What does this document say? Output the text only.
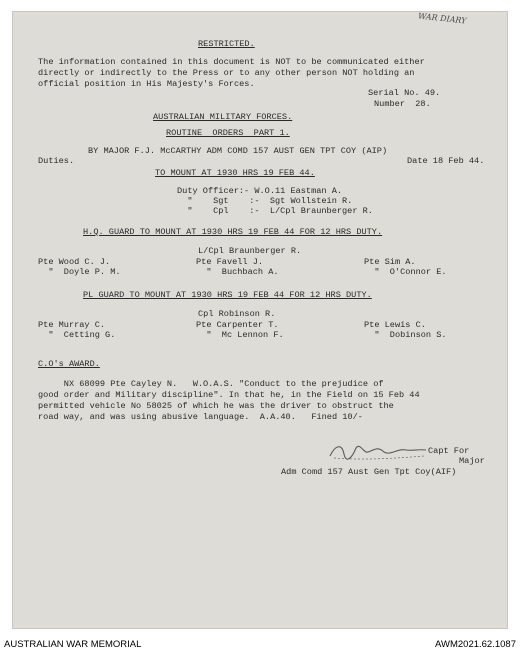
WAR DIARY
RESTRICTED.
The information contained in this document is NOT to be communicated either
directly or indirectly to the Press or to any other person NOT holding an
official position in His Majesty's Forces.
Serial No. 49.
Number  28.
AUSTRALIAN MILITARY FORCES.
ROUTINE  ORDERS  PART 1.
BY MAJOR F.J. McCARTHY ADM COMD 157 AUST GEN TPT COY (AIP)
Duties.	Date 18 Feb 44.
TO MOUNT AT 1930 HRS 19 FEB 44.
Duty Officer:- W.O.11 Eastman A.
"    Sgt    :-  Sgt Wollstein R.
"    Cpl    :-  L/Cpl Braunberger R.
H.Q. GUARD TO MOUNT AT 1930 HRS 19 FEB 44 FOR 12 HRS DUTY.
L/Cpl Braunberger R.
Pte Wood C. J.	Pte Favell J.	Pte Sim A.
"  Doyle P. M.	"  Buchbach A.	"  O'Connor E.
PL GUARD TO MOUNT AT 1930 HRS 19 FEB 44 FOR 12 HRS DUTY.
Cpl Robinson R.
Pte Murray C.	Pte Carpenter T.	Pte Lewis C.
"  Cetting G.	"  Mc Lennon F.	"  Dobinson S.
C.O's AWARD.
NX 68099 Pte Cayley N.   W.O.A.S. "Conduct to the prejudice of
good order and Military discipline". In that he, in the Field on 15 Feb 44
permitted vehicle No 58025 of which he was the driver to obstruct the
road way, and was using abusive language.  A.A.40.   Fined 10/-
Capt For
Major
Adm Comd 157 Aust Gen Tpt Coy(AIF)
AUSTRALIAN WAR MEMORIAL	AWM2021.62.1087
